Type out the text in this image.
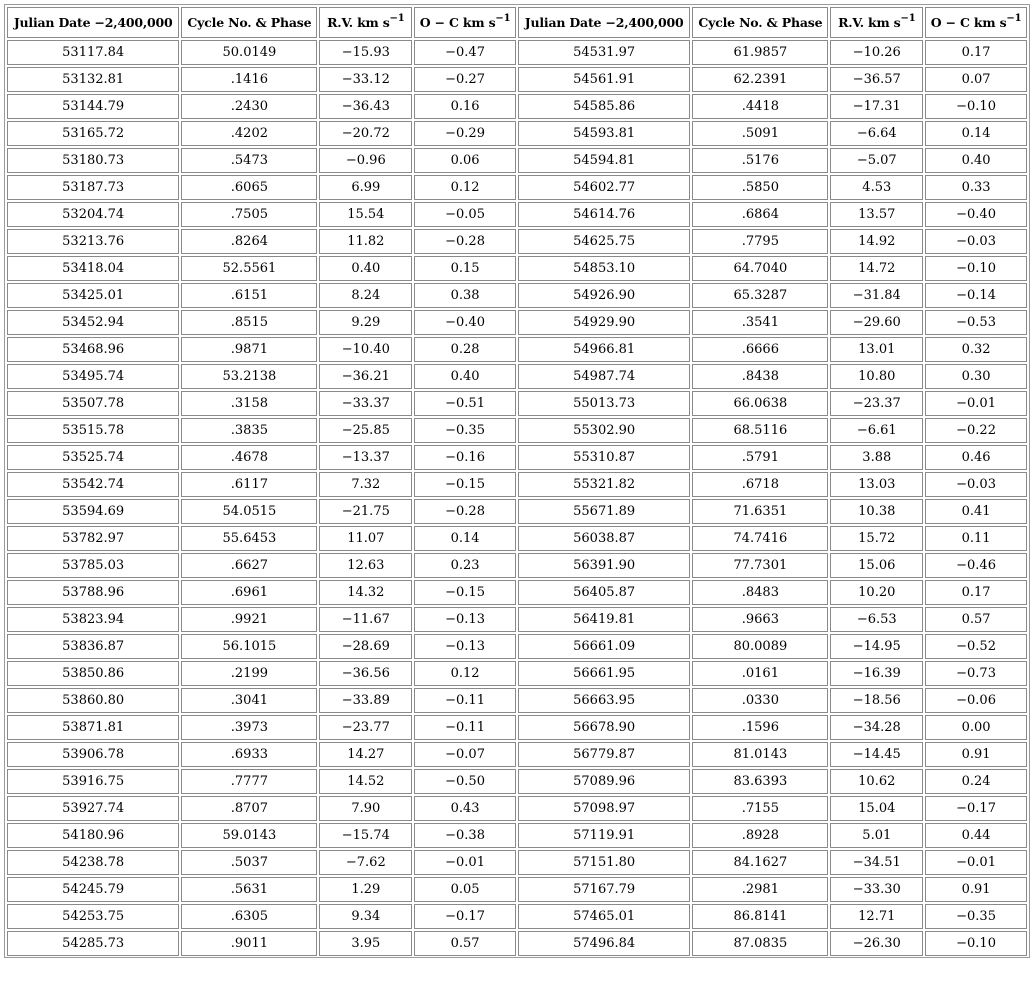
Julian Date −2,400,000	Cycle No. & Phase	R.V. km $s^{-1}$	O − C km $s^{-1}$	Julian Date −2,400,000	Cycle No. & Phase	R.V. km $s^{-1}$	O − C km $s^{-1}$
53117.84	50.0149	−15.93	−0.47	54531.97	61.9857	−10.26	0.17
53132.81	.1416	−33.12	−0.27	54561.91	62.2391	−36.57	0.07
53144.79	.2430	−36.43	0.16	54585.86	.4418	−17.31	−0.10
53165.72	.4202	−20.72	−0.29	54593.81	.5091	−6.64	0.14
53180.73	.5473	−0.96	0.06	54594.81	.5176	−5.07	0.40
53187.73	.6065	6.99	0.12	54602.77	.5850	4.53	0.33
53204.74	.7505	15.54	−0.05	54614.76	.6864	13.57	−0.40
53213.76	.8264	11.82	−0.28	54625.75	.7795	14.92	−0.03
53418.04	52.5561	0.40	0.15	54853.10	64.7040	14.72	−0.10
53425.01	.6151	8.24	0.38	54926.90	65.3287	−31.84	−0.14
53452.94	.8515	9.29	−0.40	54929.90	.3541	−29.60	−0.53
53468.96	.9871	−10.40	0.28	54966.81	.6666	13.01	0.32
53495.74	53.2138	−36.21	0.40	54987.74	.8438	10.80	0.30
53507.78	.3158	−33.37	−0.51	55013.73	66.0638	−23.37	−0.01
53515.78	.3835	−25.85	−0.35	55302.90	68.5116	−6.61	−0.22
53525.74	.4678	−13.37	−0.16	55310.87	.5791	3.88	0.46
53542.74	.6117	7.32	−0.15	55321.82	.6718	13.03	−0.03
53594.69	54.0515	−21.75	−0.28	55671.89	71.6351	10.38	0.41
53782.97	55.6453	11.07	0.14	56038.87	74.7416	15.72	0.11
53785.03	.6627	12.63	0.23	56391.90	77.7301	15.06	−0.46
53788.96	.6961	14.32	−0.15	56405.87	.8483	10.20	0.17
53823.94	.9921	−11.67	−0.13	56419.81	.9663	−6.53	0.57
53836.87	56.1015	−28.69	−0.13	56661.09	80.0089	−14.95	−0.52
53850.86	.2199	−36.56	0.12	56661.95	.0161	−16.39	−0.73
53860.80	.3041	−33.89	−0.11	56663.95	.0330	−18.56	−0.06
53871.81	.3973	−23.77	−0.11	56678.90	.1596	−34.28	0.00
53906.78	.6933	14.27	−0.07	56779.87	81.0143	−14.45	0.91
53916.75	.7777	14.52	−0.50	57089.96	83.6393	10.62	0.24
53927.74	.8707	7.90	0.43	57098.97	.7155	15.04	−0.17
54180.96	59.0143	−15.74	−0.38	57119.91	.8928	5.01	0.44
54238.78	.5037	−7.62	−0.01	57151.80	84.1627	−34.51	−0.01
54245.79	.5631	1.29	0.05	57167.79	.2981	−33.30	0.91
54253.75	.6305	9.34	−0.17	57465.01	86.8141	12.71	−0.35
54285.73	.9011	3.95	0.57	57496.84	87.0835	−26.30	−0.10
